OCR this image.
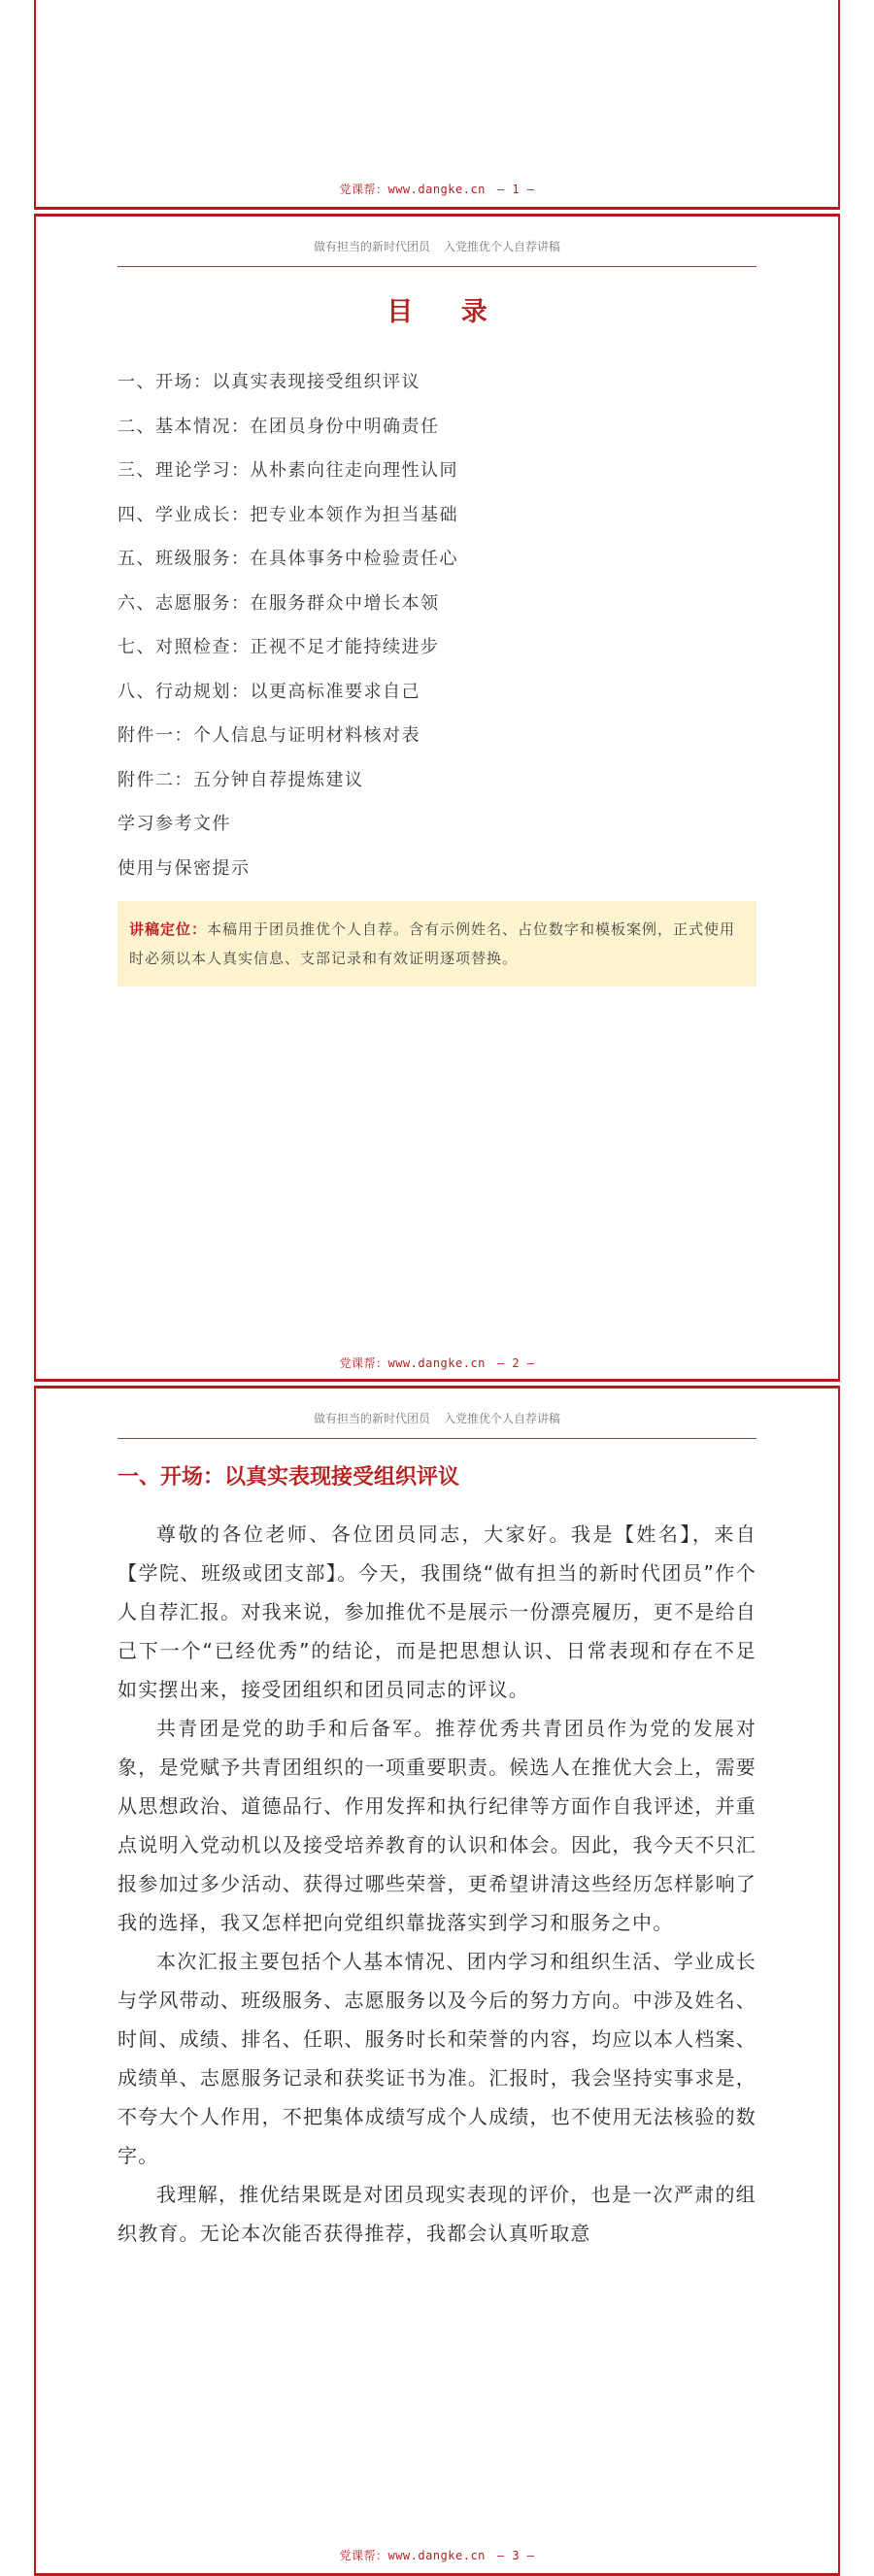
党课帮：www.dangke.cn — 1 —
做有担当的新时代团员 入党推优个人自荐讲稿
目 录
一、开场：以真实表现接受组织评议
二、基本情况：在团员身份中明确责任
三、理论学习：从朴素向往走向理性认同
四、学业成长：把专业本领作为担当基础
五、班级服务：在具体事务中检验责任心
六、志愿服务：在服务群众中增长本领
七、对照检查：正视不足才能持续进步
八、行动规划：以更高标准要求自己
附件一：个人信息与证明材料核对表
附件二：五分钟自荐提炼建议
学习参考文件
使用与保密提示
讲稿定位：本稿用于团员推优个人自荐。含有示例姓名、占位数字和模板案例，正式使用时必须以本人真实信息、支部记录和有效证明逐项替换。
党课帮：www.dangke.cn — 2 —
做有担当的新时代团员 入党推优个人自荐讲稿
一、开场：以真实表现接受组织评议

尊敬的各位老师、各位团员同志，大家好。我是【姓名】，来自【学院、班级或团支部】。今天，我围绕“做有担当的新时代团员”作个人自荐汇报。对我来说，参加推优不是展示一份漂亮履历，更不是给自己下一个“已经优秀”的结论，而是把思想认识、日常表现和存在不足如实摆出来，接受团组织和团员同志的评议。

共青团是党的助手和后备军。推荐优秀共青团员作为党的发展对象，是党赋予共青团组织的一项重要职责。候选人在推优大会上，需要从思想政治、道德品行、作用发挥和执行纪律等方面作自我评述，并重点说明入党动机以及接受培养教育的认识和体会。因此，我今天不只汇报参加过多少活动、获得过哪些荣誉，更希望讲清这些经历怎样影响了我的选择，我又怎样把向党组织靠拢落实到学习和服务之中。

本次汇报主要包括个人基本情况、团内学习和组织生活、学业成长与学风带动、班级服务、志愿服务以及今后的努力方向。中涉及姓名、时间、成绩、排名、任职、服务时长和荣誉的内容，均应以本人档案、成绩单、志愿服务记录和获奖证书为准。汇报时，我会坚持实事求是，不夸大个人作用，不把集体成绩写成个人成绩，也不使用无法核验的数字。

我理解，推优结果既是对团员现实表现的评价，也是一次严肃的组织教育。无论本次能否获得推荐，我都会认真听取意

党课帮：www.dangke.cn — 3 —
